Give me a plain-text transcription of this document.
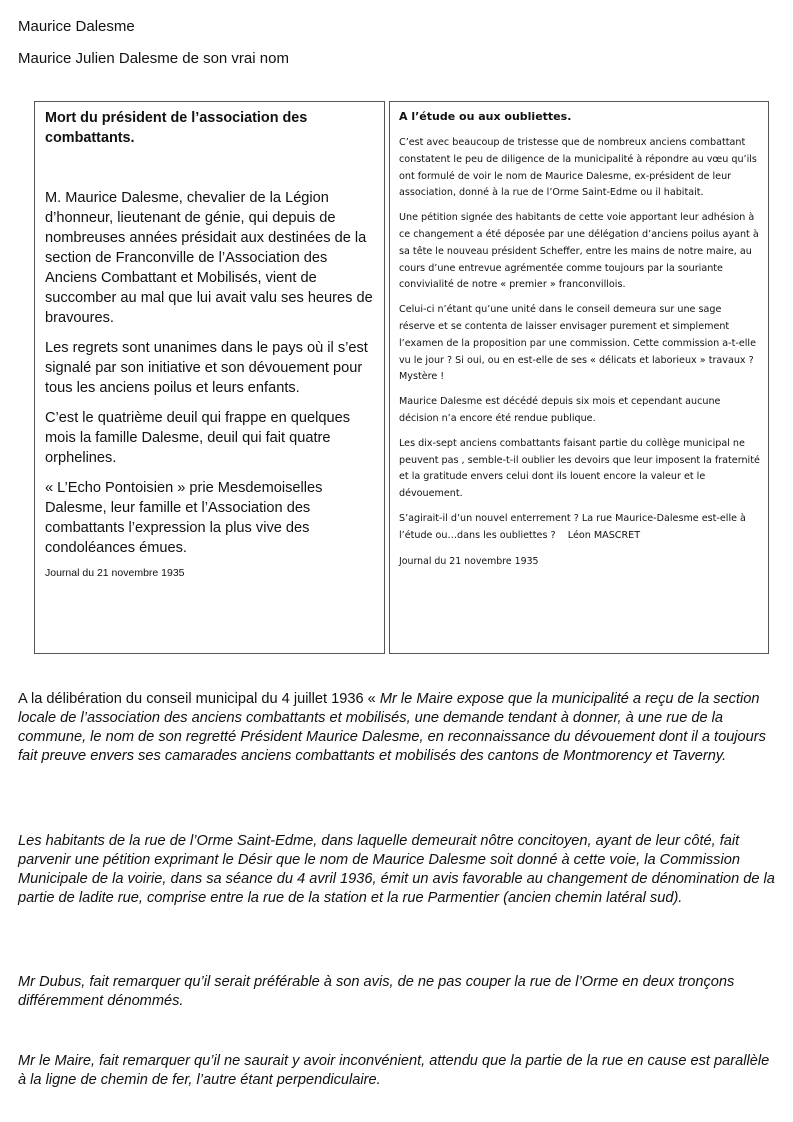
Maurice Dalesme
Maurice Julien Dalesme de son vrai nom

Mort du président de l’association des combattants.

M. Maurice Dalesme, chevalier de la Légion d’honneur, lieutenant de génie, qui depuis de nombreuses années présidait aux destinées de la section de Franconville de l’Association des Anciens Combattant et Mobilisés, vient de succomber au mal que lui avait valu ses heures de bravoures.

Les regrets sont unanimes dans le pays où il s’est signalé par son initiative et son dévouement pour tous les anciens poilus et leurs enfants.

C’est le quatrième deuil qui frappe en quelques mois la famille Dalesme, deuil qui fait quatre orphelines.

« L’Echo Pontoisien » prie Mesdemoiselles Dalesme, leur famille et l’Association des combattants l’expression la plus vive des condoléances émues.

Journal du 21 novembre 1935

A l’étude ou aux oubliettes.

C’est avec beaucoup de tristesse que de nombreux anciens combattant constatent le peu de diligence de la municipalité à répondre au vœu qu’ils ont formulé de voir le nom de Maurice Dalesme, ex-président de leur association, donné à la rue de l’Orme Saint-Edme ou il habitait.

Une pétition signée des habitants de cette voie apportant leur adhésion à ce changement a été déposée par une délégation d’anciens poilus ayant à sa tête le nouveau président Scheffer, entre les mains de notre maire, au cours d’une entrevue agrémentée comme toujours par la souriante convivialité de notre « premier » franconvillois.

Celui-ci n’étant qu’une unité dans le conseil demeura sur une sage réserve et se contenta de laisser envisager purement et simplement l’examen de la proposition par une commission. Cette commission a-t-elle vu le jour ? Si oui, ou en est-elle de ses « délicats et laborieux » travaux ? Mystère !

Maurice Dalesme est décédé depuis six mois et cependant aucune décision n’a encore été rendue publique.

Les dix-sept anciens combattants faisant partie du collège municipal ne peuvent pas , semble-t-il oublier les devoirs que leur imposent la fraternité et la gratitude envers celui dont ils louent encore la valeur et le dévouement.

S’agirait-il d’un nouvel enterrement ? La rue Maurice-Dalesme est-elle à l’étude ou…dans les oubliettes ?    Léon MASCRET

Journal du 21 novembre 1935

A la délibération du conseil municipal du 4 juillet 1936 « Mr le Maire expose que la municipalité a reçu de la section locale de l’association des anciens combattants et mobilisés, une demande tendant à donner, à une rue de la commune, le nom de son regretté Président Maurice Dalesme, en reconnaissance du dévouement dont il a toujours fait preuve envers ses camarades anciens combattants et mobilisés des cantons de Montmorency et Taverny.

Les habitants de la rue de l’Orme Saint-Edme, dans laquelle demeurait nôtre concitoyen, ayant de leur côté, fait parvenir une pétition exprimant le Désir que le nom de Maurice Dalesme soit donné à cette voie, la Commission Municipale de la voirie, dans sa séance du 4 avril 1936, émit un avis favorable au changement de dénomination de la partie de ladite rue, comprise entre la rue de la station et la rue Parmentier (ancien chemin latéral sud).

Mr Dubus, fait remarquer qu’il serait préférable à son avis, de ne pas couper la rue de l’Orme en deux tronçons différemment dénommés.

Mr le Maire, fait remarquer qu’il ne saurait y avoir inconvénient, attendu que la partie de la rue en cause est parallèle à la ligne de chemin de fer, l’autre étant perpendiculaire.
